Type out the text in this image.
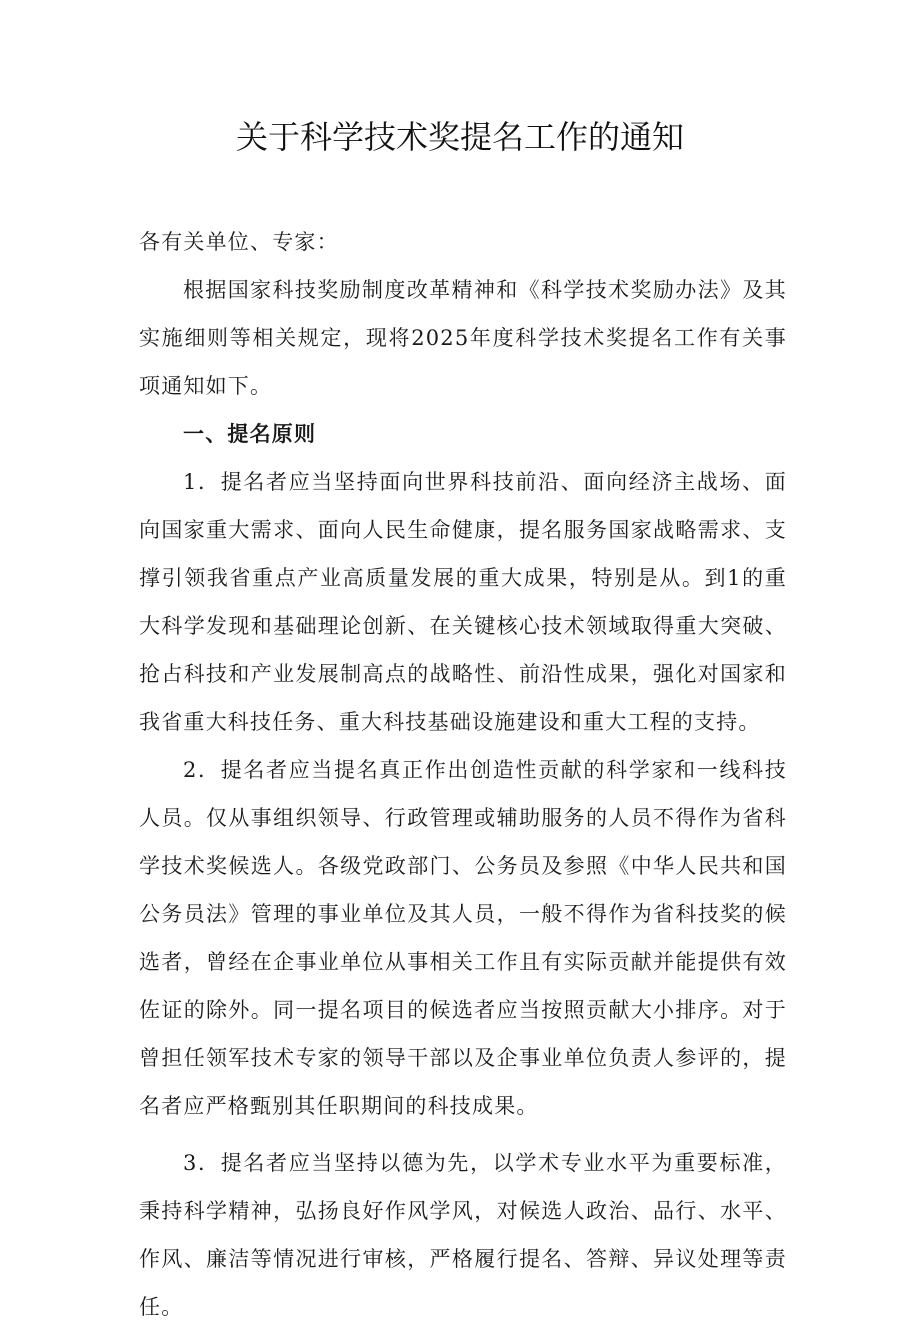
关于科学技术奖提名工作的通知

各有关单位、专家：

根据国家科技奖励制度改革精神和《科学技术奖励办法》及其实施细则等相关规定，现将2025年度科学技术奖提名工作有关事项通知如下。

一、提名原则

1．提名者应当坚持面向世界科技前沿、面向经济主战场、面向国家重大需求、面向人民生命健康，提名服务国家战略需求、支撑引领我省重点产业高质量发展的重大成果，特别是从。到1的重大科学发现和基础理论创新、在关键核心技术领域取得重大突破、抢占科技和产业发展制高点的战略性、前沿性成果，强化对国家和我省重大科技任务、重大科技基础设施建设和重大工程的支持。

2．提名者应当提名真正作出创造性贡献的科学家和一线科技人员。仅从事组织领导、行政管理或辅助服务的人员不得作为省科学技术奖候选人。各级党政部门、公务员及参照《中华人民共和国公务员法》管理的事业单位及其人员，一般不得作为省科技奖的候选者，曾经在企事业单位从事相关工作且有实际贡献并能提供有效佐证的除外。同一提名项目的候选者应当按照贡献大小排序。对于曾担任领军技术专家的领导干部以及企事业单位负责人参评的，提名者应严格甄别其任职期间的科技成果。

3．提名者应当坚持以德为先，以学术专业水平为重要标准，秉持科学精神，弘扬良好作风学风，对候选人政治、品行、水平、作风、廉洁等情况进行审核，严格履行提名、答辩、异议处理等责任。
